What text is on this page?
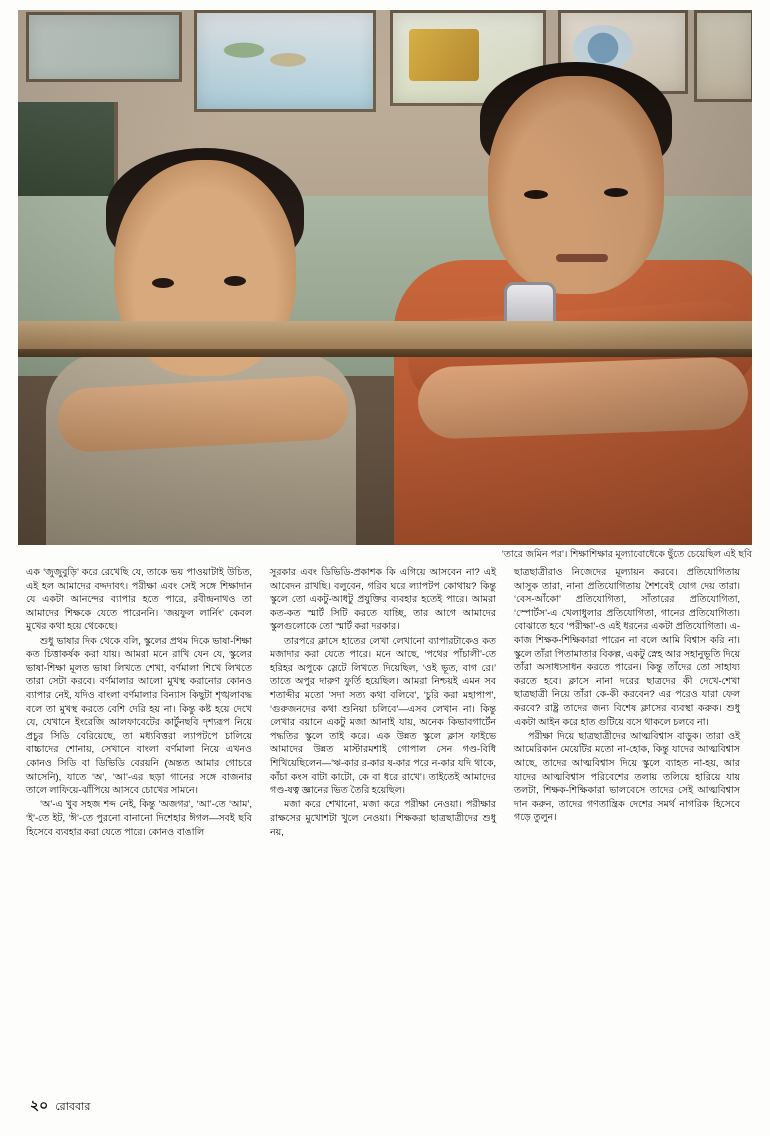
‘তারে জমিন পর’। শিক্ষাশিক্ষার মূল্যাবোধেকে ছুঁতে চেয়েছিল এই ছবি

এক ‘জুজুবুড়ি’ করে রেখেছি যে, তাকে ভয় পাওয়াটাই উচিত, এই হল আমাদের বদ্দদাবৎ। পরীক্ষা এবং সেই সঙ্গে শিক্ষাদান যে একটা আনন্দের ব্যাপার হতে পারে, রবীন্দ্রনাথও তা আমাদের শিক্ষকে যেতে পারেননি। ‘জয়ফুল লার্নিং’ কেবল মুখের কথা হয়ে থেকেছে।

শুধু ভাষার দিক থেকে বলি, স্কুলের প্রথম দিকে ভাষা-শিক্ষা কত চিত্তাকর্ষক করা যায়। আমরা মনে রাখি যেন যে, স্কুলের ভাষা-শিক্ষা মূলত ভাষা লিখতে শেখা, বর্ণমালা শিখে লিখতে তারা সেটা করবে। বর্ণমালার আলো মুখস্থ করানোর কোনও ব্যাপার নেই, যদিও বাংলা বর্ণমালার বিন্যাস কিছুটা শৃঙ্খলাবদ্ধ বলে তা মুখস্থ করতে বেশি দেরি হয় না। কিন্তু কষ্ট হয়ে দেখে যে, যেখানে ইংরেজি আলফাবেটের কার্টুনছবি দৃশ্যরূপ নিয়ে প্রচুর সিডি বেরিয়েছে, তা মধ্যবিত্তরা ল্যাপটপে চালিয়ে বাচ্চাদের শোনায়, সেখানে বাংলা বর্ণমালা নিয়ে এখনও কোনও সিডি বা ডিভিডি বেরয়নি (অন্তত আমার গোচরে আসেনি), যাতে ‘অ’, ‘আ’-এর ছড়া গানের সঙ্গে বাজনার তালে লাফিয়ে-ঝাঁপিয়ে আসবে চোখের সামনে।

‘অ’-এ খুব সহজ শব্দ নেই, কিন্তু ‘অজগর’, ‘আ’-তে ‘আম’, ‘ই’-তে ইট, ‘ঈ’-তে পুরনো বানানো দিশেহার ঈগল—সবই ছবি হিসেবে ব্যবহার করা যেতে পারে। কোনও বাঙালি

সুরকার এবং ডিভিডি-প্রকাশক কি এগিয়ে আসবেন না? এই আবেদন রাখছি। বলুবেন, গরিব ঘরে ল্যাপটপ কোথায়? কিন্তু স্কুলে তো একটু-আধটু প্রযুক্তির ব্যবহার হতেই পারে। আমরা কত-কত স্মার্ট সিটি করতে যাচ্ছি, তার আগে আমাদের স্কুলগুলোকে তো স্মার্ট করা দরকার।

তারপরে ক্লাসে হাতের লেখা লেখানো ব্যাপারটাকেও কত মজাদার করা যেতে পারে। মনে আছে, ‘পথের পাঁচালী’-তে হরিহর অপুকে স্লেটে লিখতে দিয়েছিল, ‘ওই ভূত, বাগ রে।’ তাতে অপুর দারুণ ফুর্তি হয়েছিল। আমরা নিশ্চয়ই এমন সব শতাব্দীর মতো ‘সদা সত্য কথা বলিবে’, ‘চুরি করা মহাপাপ’, ‘গুরুজনদের কথা শুনিয়া চলিবে’—এসব লেখান না। কিন্তু লেখার বয়ানে একটু মজা আনাই যায়, অনেক কিভাবগার্টেন পদ্ধতির স্কুলে তাই করে। এক উন্নত স্কুলে ক্লাস ফাইভে আমাদের উন্নত মাস্টারমশাই গোপাল সেন গণ্ড-বিধি শিখিয়েছিলেন—‘ঋ-কার র-কার ষ-কার পরে ন-কার যদি থাকে, কাঁচা কংস বাটা কাটো, কে বা ধরে রাখে’। তাইতেই আমাদের গণ্ড-ষত্ব জ্ঞানের ভিত তৈরি হয়েছিল।

মজা করে শেখানো, মজা করে পরীক্ষা নেওয়া। পরীক্ষার রাক্ষসের মুখোশটা খুলে নেওয়া। শিক্ষকরা ছাত্রছাত্রীদের শুধু নয়,

ছাত্রছাত্রীরাও নিজেদের মূল্যায়ন করবে। প্রতিযোগিতায় আসুক তারা, নানা প্রতিযোগিতায় শৈশবেই যোগ দেয় তারা। ‘বেস-আঁকো’ প্রতিযোগিতা, সাঁতারের প্রতিযোগিতা, ‘স্পোর্টস’-এ খেলাধুলার প্রতিযোগিতা, গানের প্রতিযোগিতা। বোঝাতে হবে ‘পরীক্ষা’-ও এই ধরনের একটা প্রতিযোগিতা। এ-কাজ শিক্ষক-শিক্ষিকারা পারেন না বলে আমি বিশ্বাস করি না। স্কুলে তাঁরা পিতামাতার বিকল্প, একটু স্নেহ আর সহানুভূতি দিয়ে তাঁরা অসাধ্যসাধন করতে পারেন। কিন্তু তাঁদের তো সাহায্য করতে হবে। ক্লাসে নানা দরের ছাত্রদের কী দেখে-শেখা ছাত্রছাত্রী নিয়ে তাঁরা কে-কী করবেন? এর পরেও যারা ফেল করবে? রাষ্ট্র তাদের জন্য বিশেষ ক্লাসের ব্যবস্থা করুক। শুধু একটা আইন করে হাত গুটিয়ে বসে থাকলে চলবে না।

পরীক্ষা দিয়ে ছাত্রছাত্রীদের আত্মবিশ্বাস বাড়ুক। তারা ওই আমেরিকান মেয়েটির মতো না-হোক, কিন্তু যাদের আত্মবিশ্বাস আছে, তাদের আত্মবিশ্বাস দিয়ে স্কুলে ব্যাহত না-হয়, আর যাদের আত্মবিশ্বাস পরিবেশের তলায় তলিয়ে হারিয়ে যায় তলটা, শিক্ষক-শিক্ষিকারা ভালবেসে তাদের সেই আত্মবিশ্বাস দান করুন, তাদের গণতান্ত্রিক দেশের সমর্থ নাগরিক হিসেবে গড়ে তুলুন।

২০ রোববার
